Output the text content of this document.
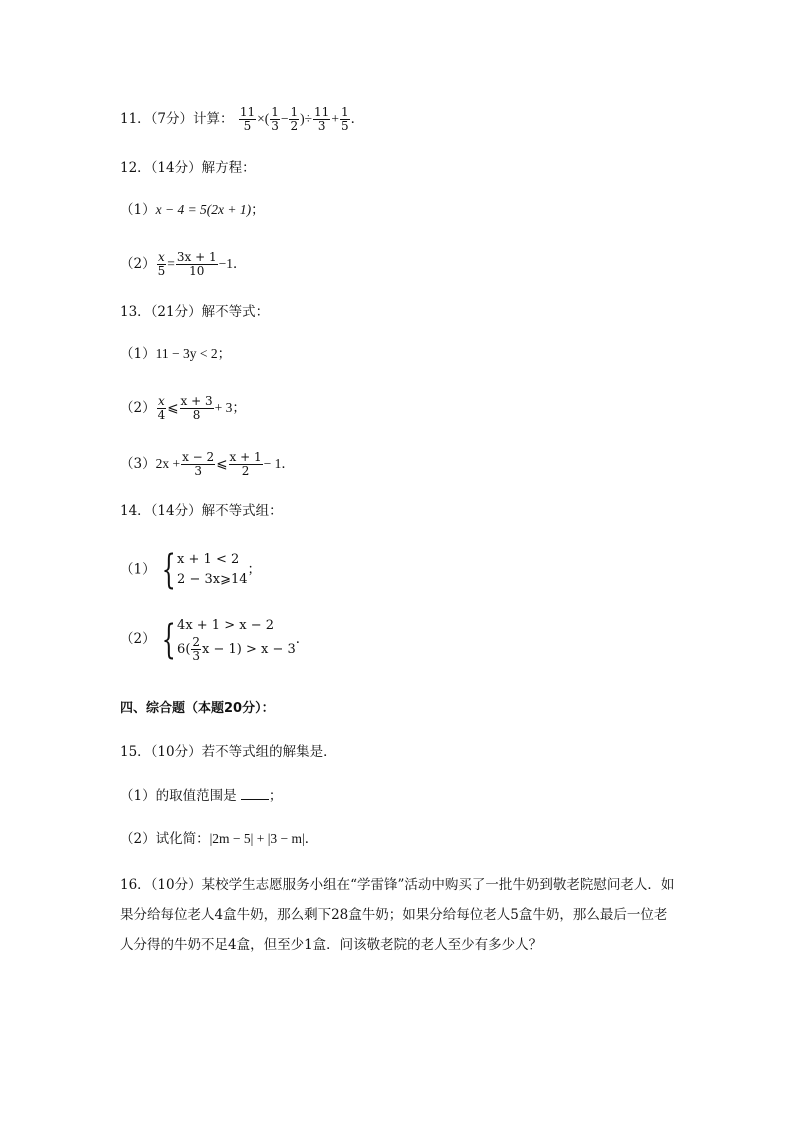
11．（7分）计算： $\frac{11}{5}$ ×( $\frac{1}{3} - \frac{1}{2}$ )÷ $\frac{11}{3} + \frac{1}{5}$ ．
12．（14分）解方程：
（1）x − 4 = 5(2x + 1)；
$(2) \frac{x}{5} = \frac{3x + 1}{10} -1$．
13．（21分）解不等式：
（1）11 − 3y < 2；
$(2) \frac{x}{4}$ ⩽ $\frac{x + 3}{8} + 3$；
$(3)2x + \frac{x - 2}{3}$ ⩽ $\frac{x + 1}{2} - 1$．
14．（14分）解不等式组：
（1） { x + 1 < 2
2 − 3x⩾14
；
（2） { 4x + 1 > x − 2
$6( \frac{2}{3}$ x − 1) > x − 3
．
四、综合题（本题20分）：
15．（10分）若不等式组的解集是．
（1）的取值范围是 ；
（2）试化简：|2m − 5| + |3 − m|．
16．（10分）某校学生志愿服务小组在“学雷锋”活动中购买了一批牛奶到敬老院慰问老人．如果分给每位老人4盒牛奶，那么剩下28盒牛奶；如果分给每位老人5盒牛奶，那么最后一位老人分得的牛奶不足4盒，但至少1盒．问该敬老院的老人至少有多少人？
